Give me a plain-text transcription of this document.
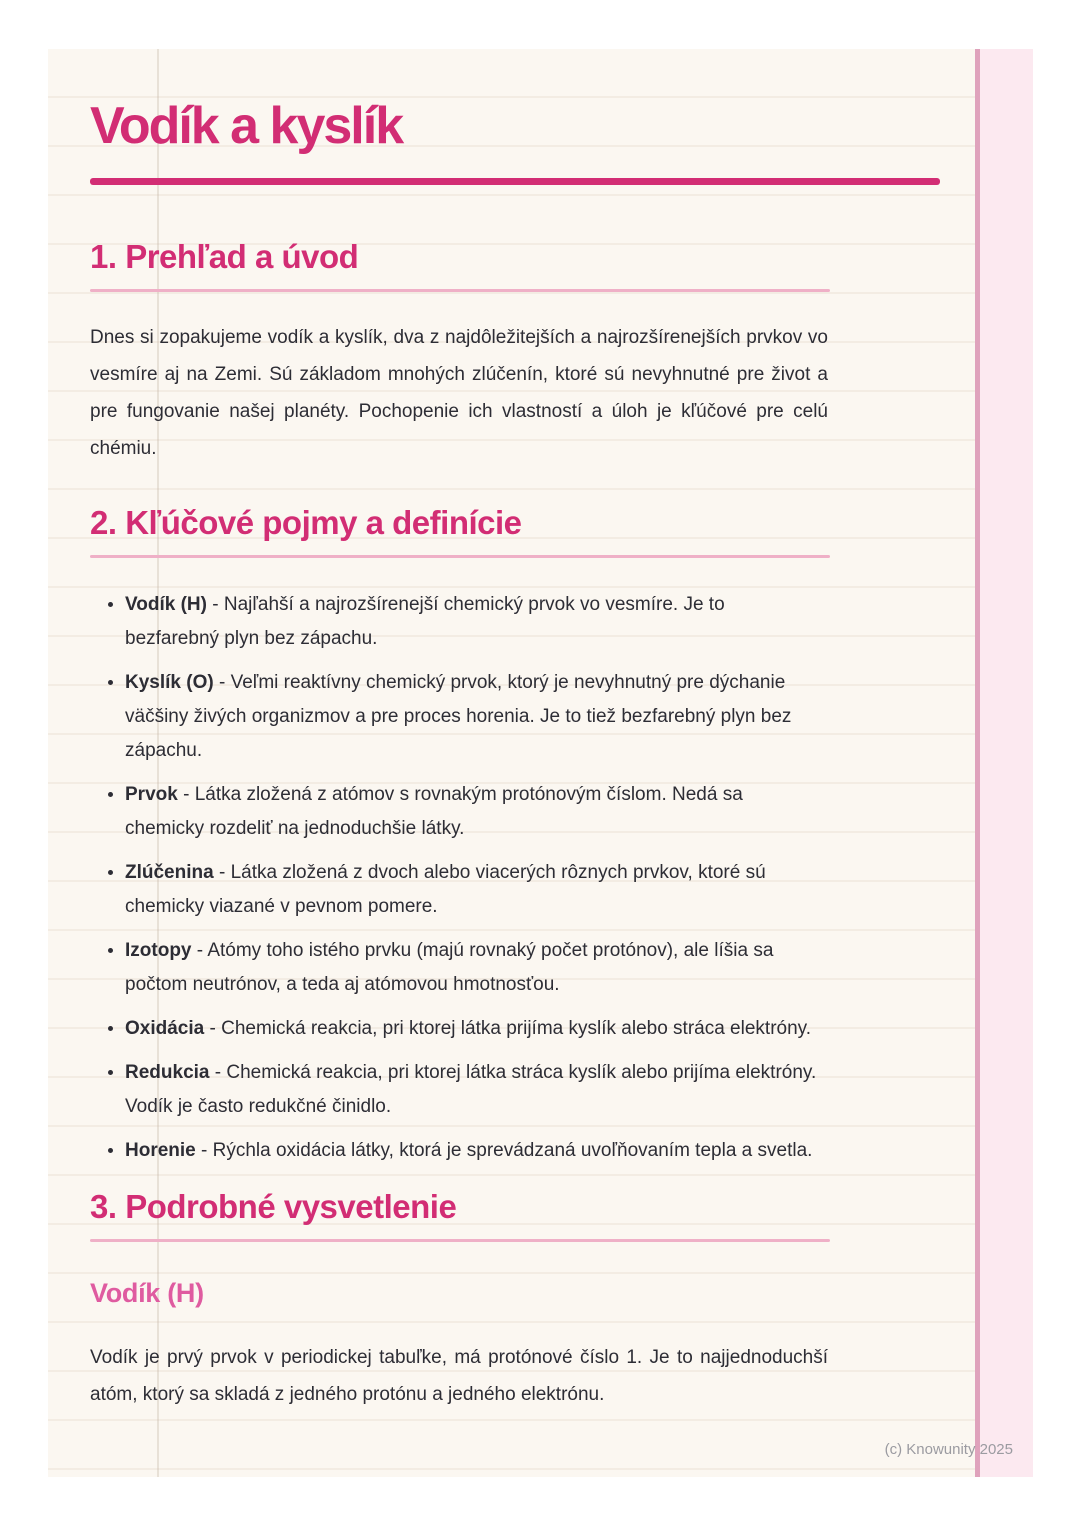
Vodík a kyslík
1. Prehľad a úvod

Dnes si zopakujeme vodík a kyslík, dva z najdôležitejších a najrozšírenejších prvkov vo vesmíre aj na Zemi. Sú základom mnohých zlúčenín, ktoré sú nevyhnutné pre život a pre fungovanie našej planéty. Pochopenie ich vlastností a úloh je kľúčové pre celú chémiu.

2. Kľúčové pojmy a definície
• Vodík (H) - Najľahší a najrozšírenejší chemický prvok vo vesmíre. Je to bezfarebný plyn bez zápachu.
• Kyslík (O) - Veľmi reaktívny chemický prvok, ktorý je nevyhnutný pre dýchanie väčšiny živých organizmov a pre proces horenia. Je to tiež bezfarebný plyn bez zápachu.
• Prvok - Látka zložená z atómov s rovnakým protónovým číslom. Nedá sa chemicky rozdeliť na jednoduchšie látky.
• Zlúčenina - Látka zložená z dvoch alebo viacerých rôznych prvkov, ktoré sú chemicky viazané v pevnom pomere.
• Izotopy - Atómy toho istého prvku (majú rovnaký počet protónov), ale líšia sa počtom neutrónov, a teda aj atómovou hmotnosťou.
• Oxidácia - Chemická reakcia, pri ktorej látka prijíma kyslík alebo stráca elektróny.
• Redukcia - Chemická reakcia, pri ktorej látka stráca kyslík alebo prijíma elektróny. Vodík je často redukčné činidlo.
• Horenie - Rýchla oxidácia látky, ktorá je sprevádzaná uvoľňovaním tepla a svetla.
3. Podrobné vysvetlenie
Vodík (H)

Vodík je prvý prvok v periodickej tabuľke, má protónové číslo 1. Je to najjednoduchší atóm, ktorý sa skladá z jedného protónu a jedného elektrónu.

(c) Knowunity 2025
